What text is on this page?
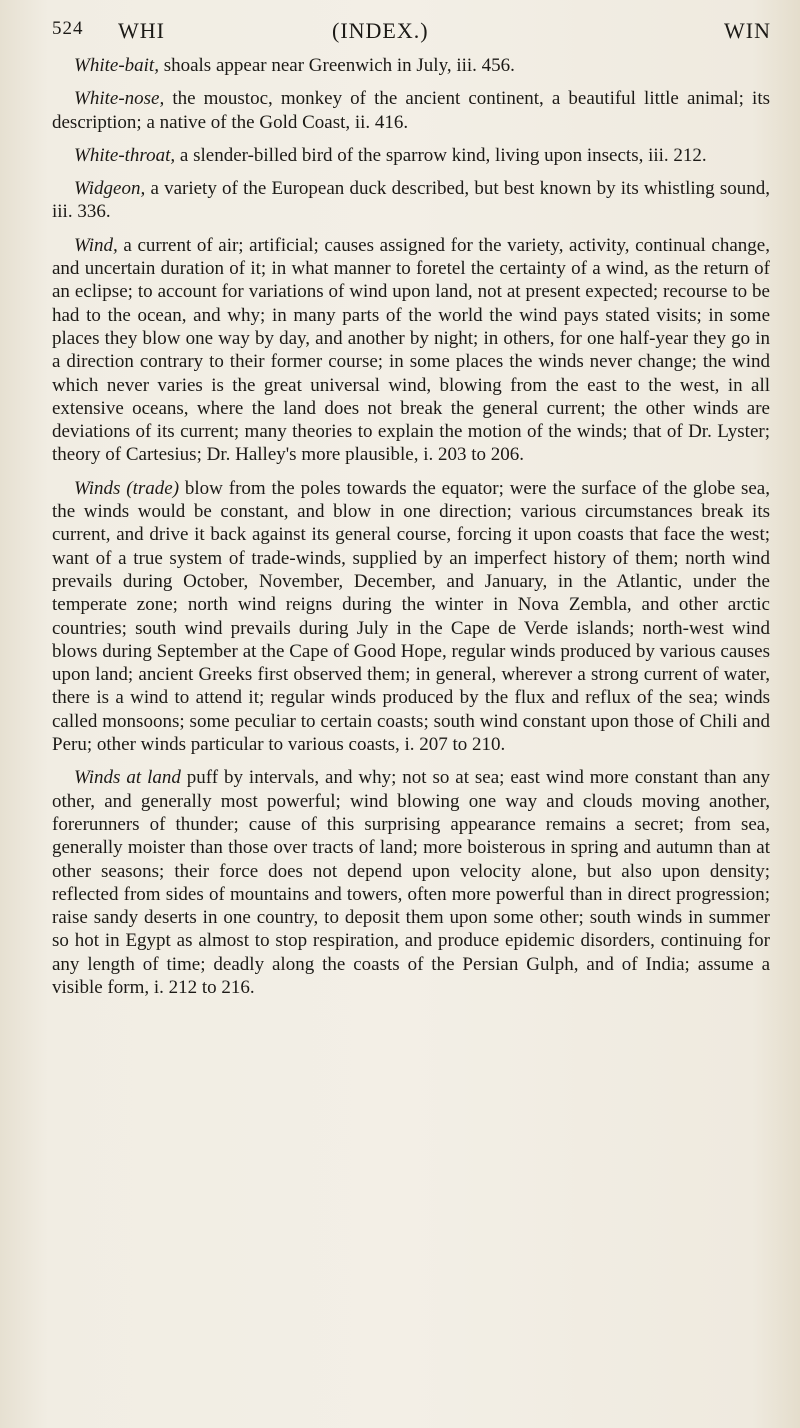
524 WHI	(INDEX.)	WIN

White-bait, shoals appear near Greenwich in July, iii. 456.

White-nose, the moustoc, monkey of the ancient continent, a beautiful little animal; its description; a native of the Gold Coast, ii. 416.

White-throat, a slender-billed bird of the sparrow kind, living upon insects, iii. 212.

Widgeon, a variety of the European duck described, but best known by its whistling sound, iii. 336.

Wind, a current of air; artificial; causes assigned for the variety, activity, continual change, and uncertain duration of it; in what manner to foretel the certainty of a wind, as the return of an eclipse; to account for variations of wind upon land, not at present expected; recourse to be had to the ocean, and why; in many parts of the world the wind pays stated visits; in some places they blow one way by day, and another by night; in others, for one half-year they go in a direction contrary to their former course; in some places the winds never change; the wind which never varies is the great universal wind, blowing from the east to the west, in all extensive oceans, where the land does not break the general current; the other winds are deviations of its current; many theories to explain the motion of the winds; that of Dr. Lyster; theory of Cartesius; Dr. Halley's more plausible, i. 203 to 206.

Winds (trade) blow from the poles towards the equator; were the surface of the globe sea, the winds would be constant, and blow in one direction; various circumstances break its current, and drive it back against its general course, forcing it upon coasts that face the west; want of a true system of trade-winds, supplied by an imperfect history of them; north wind prevails during October, November, December, and January, in the Atlantic, under the temperate zone; north wind reigns during the winter in Nova Zembla, and other arctic countries; south wind prevails during July in the Cape de Verde islands; north-west wind blows during September at the Cape of Good Hope, regular winds produced by various causes upon land; ancient Greeks first observed them; in general, wherever a strong current of water, there is a wind to attend it; regular winds produced by the flux and reflux of the sea; winds called monsoons; some peculiar to certain coasts; south wind constant upon those of Chili and Peru; other winds particular to various coasts, i. 207 to 210.

Winds at land puff by intervals, and why; not so at sea; east wind more constant than any other, and generally most powerful; wind blowing one way and clouds moving another, forerunners of thunder; cause of this surprising appearance remains a secret; from sea, generally moister than those over tracts of land; more boisterous in spring and autumn than at other seasons; their force does not depend upon velocity alone, but also upon density; reflected from sides of mountains and towers, often more powerful than in direct progression; raise sandy deserts in one country, to deposit them upon some other; south winds in summer so hot in Egypt as almost to stop respiration, and produce epidemic disorders, continuing for any length of time; deadly along the coasts of the Persian Gulph, and of India; assume a visible form, i. 212 to 216.
